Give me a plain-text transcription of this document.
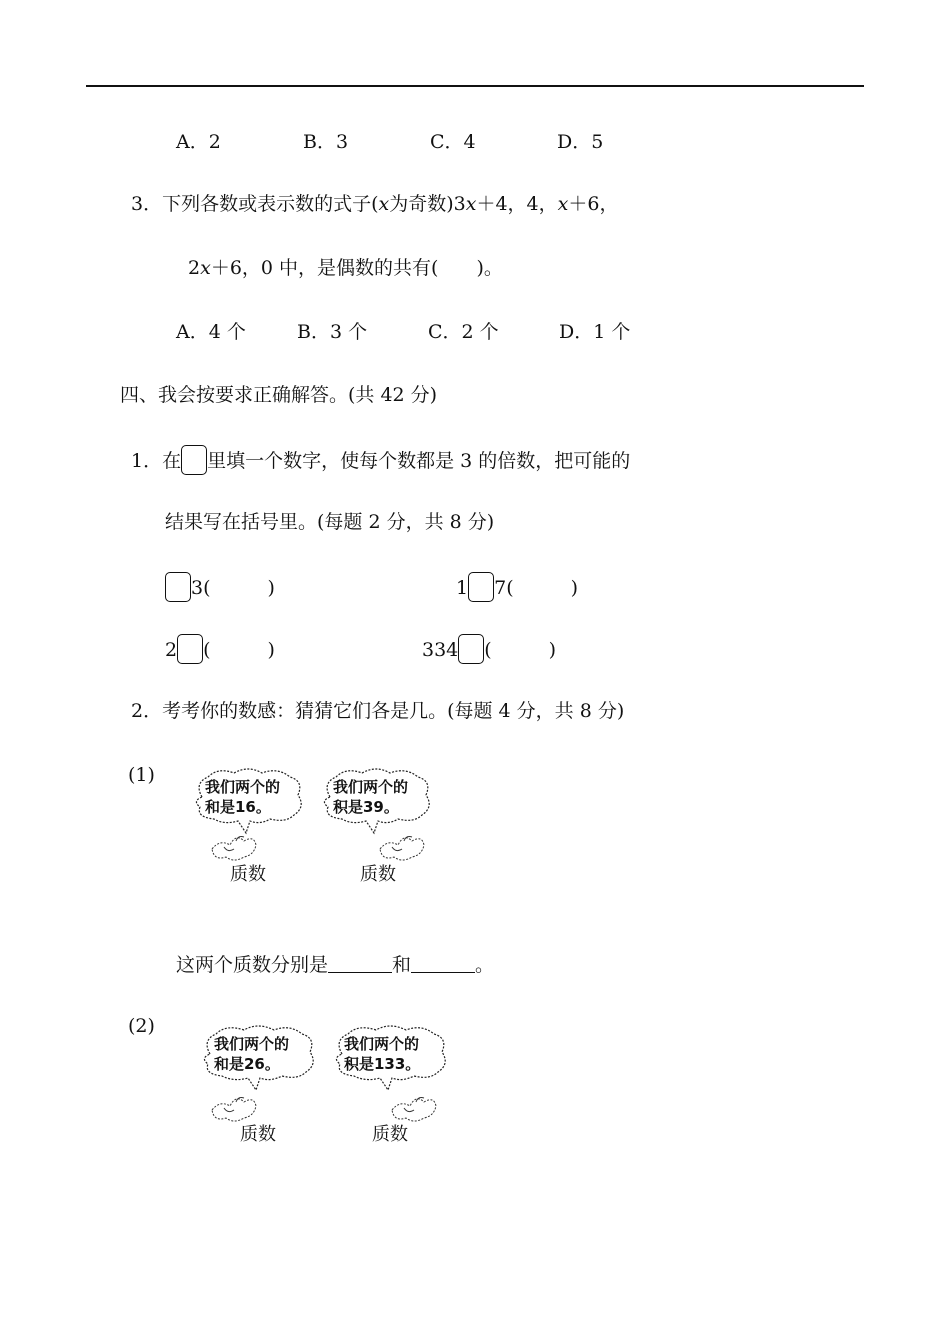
A．2	B．3	C．4	D．5
3．下列各数或表示数的式子(x为奇数)3x＋4，4，x＋6，
2x＋6，0 中，是偶数的共有(　　)。
A．4 个	B．3 个	C．2 个	D．1 个
四、我会按要求正确解答。(共 42 分)
1．在 里填一个数字，使每个数都是 3 的倍数，把可能的
结果写在括号里。(每题 2 分，共 8 分)
3(　　　)	1 7(　　　)
2 (　　　)	334 (　　　)
2．考考你的数感：猜猜它们各是几。(每题 4 分，共 8 分)
(1)
我们两个的
和是16。
质数
我们两个的
积是39。
质数
这两个质数分别是	和	。
(2)
我们两个的
和是26。
质数
我们两个的
积是133。
质数
